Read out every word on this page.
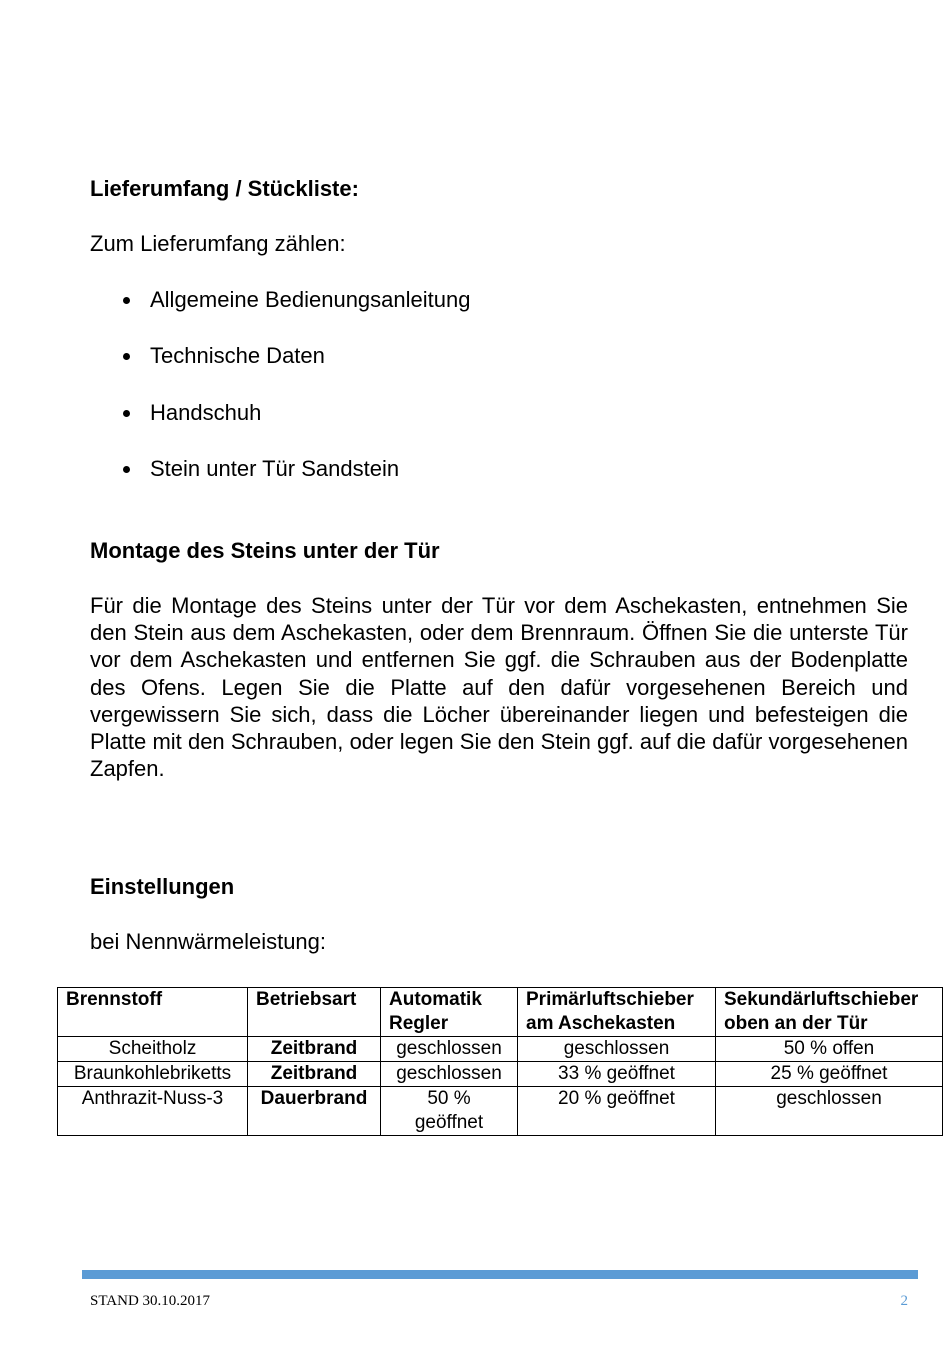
Lieferumfang / Stückliste:

Zum Lieferumfang zählen:

Allgemeine Bedienungsanleitung
Technische Daten
Handschuh
Stein unter Tür Sandstein
Montage des Steins unter der Tür

Für die Montage des Steins unter der Tür vor dem Aschekasten, entnehmen Sie den Stein aus dem Aschekasten, oder dem Brennraum. Öffnen Sie die unterste Tür vor dem Aschekasten und entfernen Sie ggf. die Schrauben aus der Bodenplatte des Ofens. Legen Sie die Platte auf den dafür vorgesehenen Bereich und vergewissern Sie sich, dass die Löcher übereinander liegen und befesteigen die Platte mit den Schrauben, oder legen Sie den Stein ggf. auf die dafür vorgesehenen Zapfen.

Einstellungen

bei Nennwärmeleistung:

Brennstoff	Betriebsart	Automatik Regler	Primärluftschieber am Aschekasten	Sekundärluftschieber oben an der Tür
Scheitholz	Zeitbrand	geschlossen	geschlossen	50 % offen
Braunkohlebriketts	Zeitbrand	geschlossen	33 % geöffnet	25 % geöffnet
Anthrazit-Nuss-3	Dauerbrand	50 % geöffnet	20 % geöffnet	geschlossen
STAND 30.10.2017	2
